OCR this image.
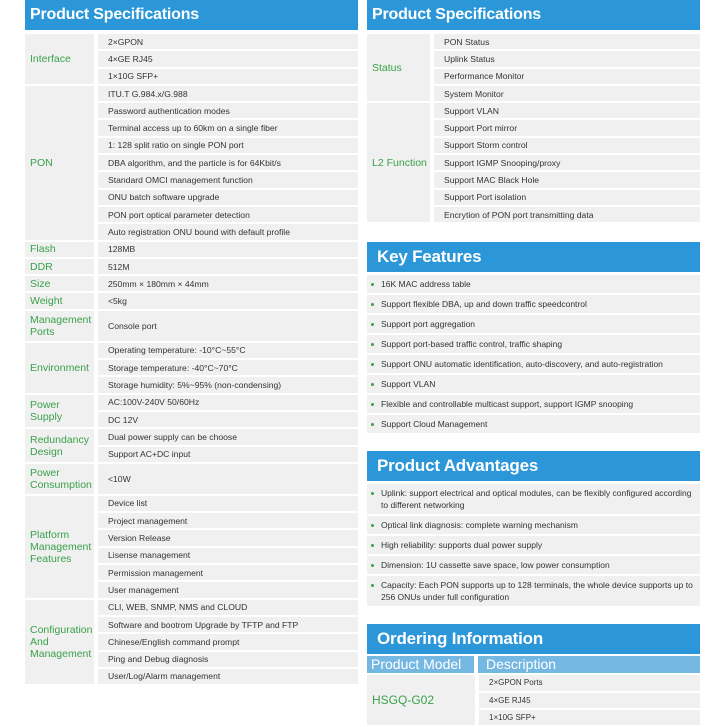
Product Specifications
Interface	2×GPON
	4×GE RJ45
	1×10G SFP+
PON	ITU.T G.984.x/G.988
	Password authentication modes
	Terminal access up to 60km on a single fiber
	1: 128 split ratio on single PON port
	DBA algorithm, and the particle is for 64Kbit/s
	Standard OMCI management function
	ONU batch software upgrade
	PON port optical parameter detection
	Auto registration ONU bound with default profile
Flash	128MB
DDR	512M
Size	250mm × 180mm × 44mm
Weight	<5kg
Management Ports	Console port
Environment	Operating temperature: -10°C~55°C
	Storage temperature: -40°C~70°C
	Storage humidity: 5%~95% (non-condensing)
Power Supply	AC:100V-240V 50/60Hz
	DC 12V
Redundancy Design	Dual power supply can be choose
	Support AC+DC input
Power Consumption	<10W
Platform Management Features	Device list
	Project management
	Version Release
	Lisense management
	Permission management
	User management
Configuration And Management	CLI, WEB, SNMP, NMS and CLOUD
	Software and bootrom Upgrade by TFTP and FTP
	Chinese/English command prompt
	Ping and Debug diagnosis
	User/Log/Alarm management
Product Specifications
Status	PON Status
	Uplink Status
	Performance Monitor
	System Monitor
L2 Function	Support VLAN
	Support Port mirror
	Support Storm control
	Support IGMP Snooping/proxy
	Support MAC Black Hole
	Support Port isolation
	Encrytion of PON port transmitting data
Key Features
16K MAC address table
Support flexible DBA, up and down traffic speedcontrol
Support port aggregation
Support port-based traffic control, traffic shaping
Support ONU automatic identification, auto-discovery, and auto-registration
Support VLAN
Flexible and controllable multicast support, support IGMP snooping
Support Cloud Management
Product Advantages
Uplink: support electrical and optical modules, can be flexibly configured according to different networking
Optical link diagnosis: complete warning mechanism
High reliability: supports dual power supply
Dimension: 1U cassette save space, low power consumption
Capacity: Each PON supports up to 128 terminals, the whole device supports up to 256 ONUs under full configuration
Ordering Information
Product Model	Description
HSGQ-G02	2×GPON Ports
4×GE RJ45
1×10G SFP+
